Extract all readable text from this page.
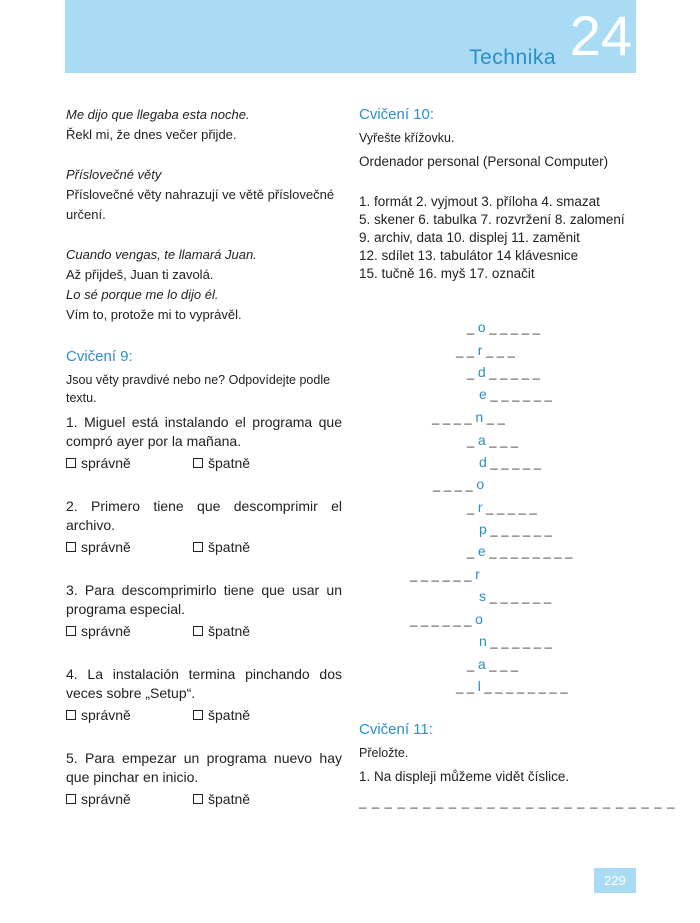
Technika 24

Me dijo que llegaba esta noche.

Řekl mi, že dnes večer přijde.

Příslovečné věty

Příslovečné věty nahrazují ve větě příslovečné určení.

Cuando vengas, te llamará Juan.

Až přijdeš, Juan ti zavolá.

Lo sé porque me lo dijo él.

Vím to, protože mi to vyprávěl.

Cvičení 9:

Jsou věty pravdivé nebo ne? Odpovídejte podle textu.

1. Miguel está instalando el programa que compró ayer por la mañana.

správně	špatně

2. Primero tiene que descomprimir el archivo.

správně	špatně

3. Para descomprimirlo tiene que usar un programa especial.

správně	špatně

4. La instalación termina pinchando dos veces sobre „Setup“.

správně	špatně

5. Para empezar un programa nuevo hay que pinchar en inicio.

správně	špatně

Cvičení 10:

Vyřešte křížovku.

Ordenador personal (Personal Computer)

1. formát 2. vyjmout 3. příloha 4. smazat

5. skener 6. tabulka 7. rozvržení 8. zalomení

9. archiv, data 10. displej 11. zaměnit

12. sdílet 13. tabulátor 14 klávesnice

15. tučně 16. myš 17. označit

_ o _ _ _ _ _
_ _ r _ _ _
_ d _ _ _ _ _
e _ _ _ _ _ _
_ _ _ _ n _ _
_ a _ _ _
d _ _ _ _ _
_ _ _ _ o
_ r _ _ _ _ _
p _ _ _ _ _ _
_ e _ _ _ _ _ _ _ _
_ _ _ _ _ _ r
s _ _ _ _ _ _
_ _ _ _ _ _ o
n _ _ _ _ _ _
_ a _ _ _
_ _ l _ _ _ _ _ _ _ _

Cvičení 11:

Přeložte.

1. Na displeji můžeme vidět číslice.

_ _ _ _ _ _ _ _ _ _ _ _ _ _ _ _ _ _ _ _ _ _ _ _ _
229
